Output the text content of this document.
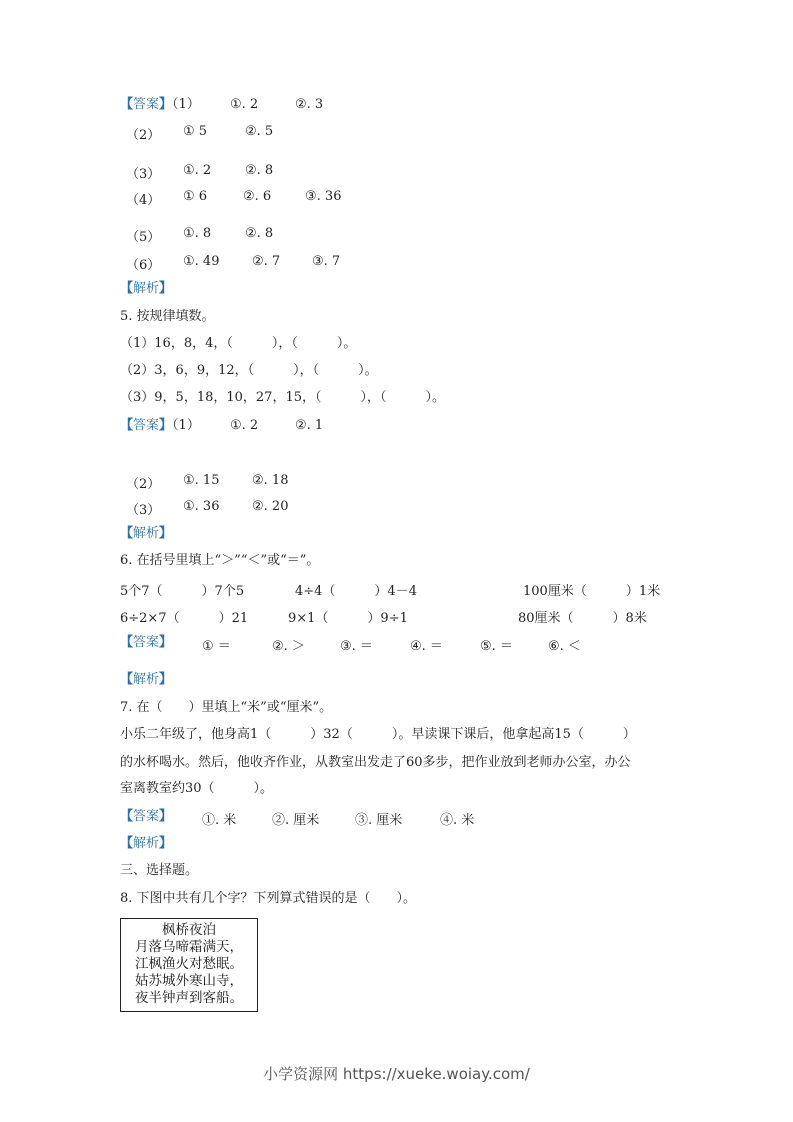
【答案】（1） ①. 2	②. 3
（2） ① 5	②. 5
（3） ①. 2	②. 8
（4） ① 6	②. 6	③. 36
（5） ①. 8	②. 8
（6） ①. 49	②. 7 ③. 7
【解析】
5. 按规律填数。
（1）16，8，4，（　　　），（　　　）。
（2）3，6，9，12，（　　　），（　　　）。
（3）9，5，18，10，27，15，（　　　），（　　　）。
【答案】（1） ①. 2	②. 1
（2） ①. 15	②. 18
（3） ①. 36	②. 20
【解析】
6. 在括号里填上“＞”“＜”或“＝”。
5个7（　　　）7个5	4÷4（　　　）4－4	100厘米（　　　）1米
6÷2×7（　　　）21	9×1（　　　）9÷1	80厘米（　　　）8米
【答案】 ① ＝	②. ＞	③. ＝	④. ＝	⑤. ＝	⑥. ＜
【解析】
7. 在（　　）里填上“米”或“厘米”。
小乐二年级了，他身高1（　　　）32（　　　）。早读课下课后，他拿起高15（　　　）
的水杯喝水。然后，他收齐作业，从教室出发走了60多步，把作业放到老师办公室，办公
室离教室约30（　　　）。
【答案】 ①. 米	②. 厘米	③. 厘米	④. 米
【解析】
三、选择题。
8. 下图中共有几个字？下列算式错误的是（　　）。
枫桥夜泊
月落乌啼霜满天，
江枫渔火对愁眠。
姑苏城外寒山寺，
夜半钟声到客船。
小学资源网 https://xueke.woiay.com/
